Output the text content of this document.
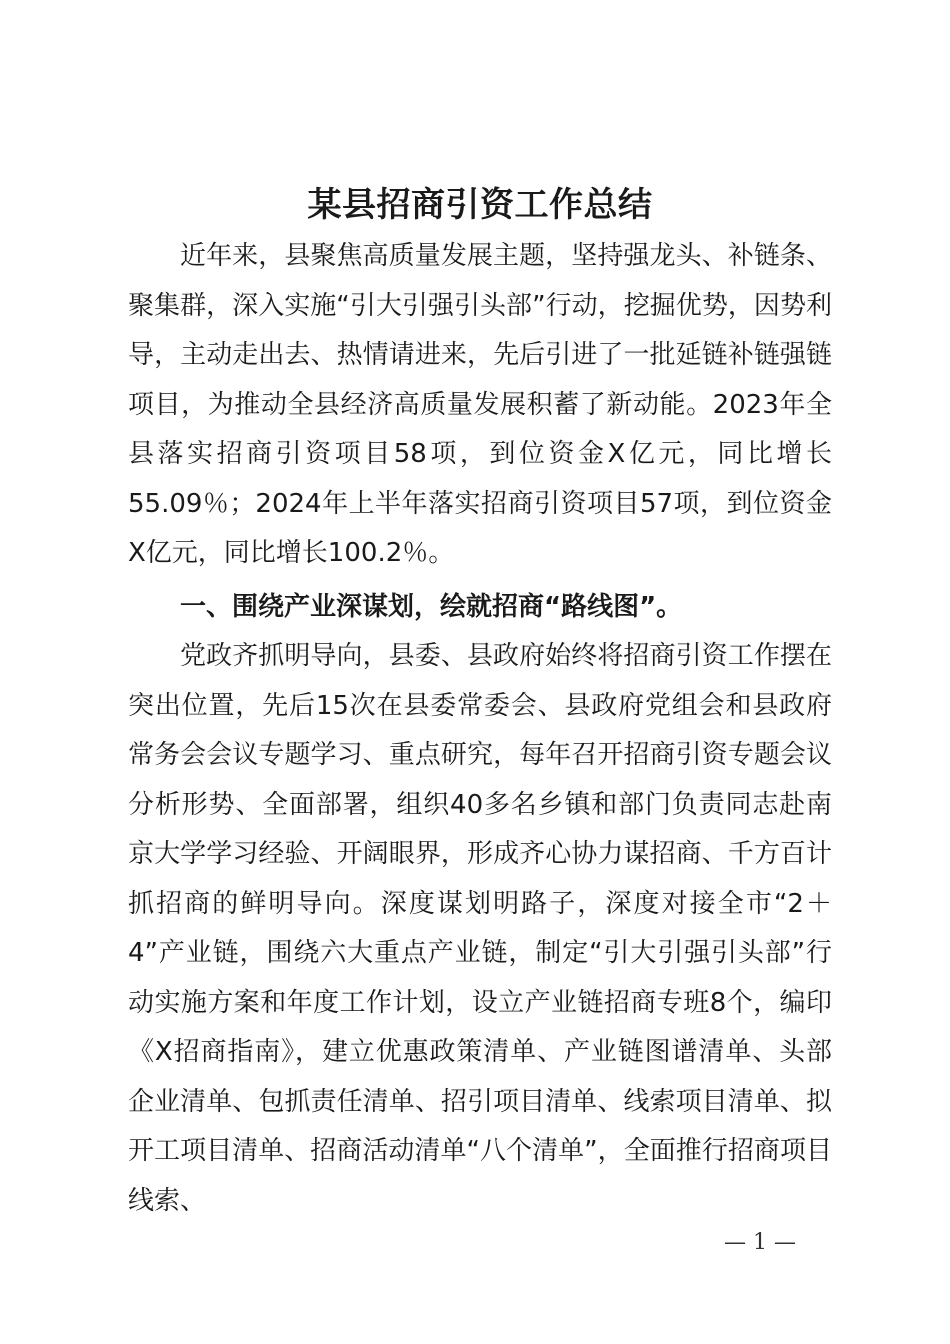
某县招商引资工作总结

近年来，县聚焦高质量发展主题，坚持强龙头、补链条、聚集群，深入实施“引大引强引头部”行动，挖掘优势，因势利导，主动走出去、热情请进来，先后引进了一批延链补链强链项目，为推动全县经济高质量发展积蓄了新动能。2023年全县落实招商引资项目58项，到位资金X亿元，同比增长55.09％；2024年上半年落实招商引资项目57项，到位资金X亿元，同比增长100.2％。

一、围绕产业深谋划，绘就招商“路线图”。

党政齐抓明导向，县委、县政府始终将招商引资工作摆在突出位置，先后15次在县委常委会、县政府党组会和县政府常务会会议专题学习、重点研究，每年召开招商引资专题会议分析形势、全面部署，组织40多名乡镇和部门负责同志赴南京大学学习经验、开阔眼界，形成齐心协力谋招商、千方百计抓招商的鲜明导向。深度谋划明路子，深度对接全市“2＋4”产业链，围绕六大重点产业链，制定“引大引强引头部”行动实施方案和年度工作计划，设立产业链招商专班8个，编印《X招商指南》，建立优惠政策清单、产业链图谱清单、头部企业清单、包抓责任清单、招引项目清单、线索项目清单、拟开工项目清单、招商活动清单“八个清单”，全面推行招商项目线索、

— 1 —
